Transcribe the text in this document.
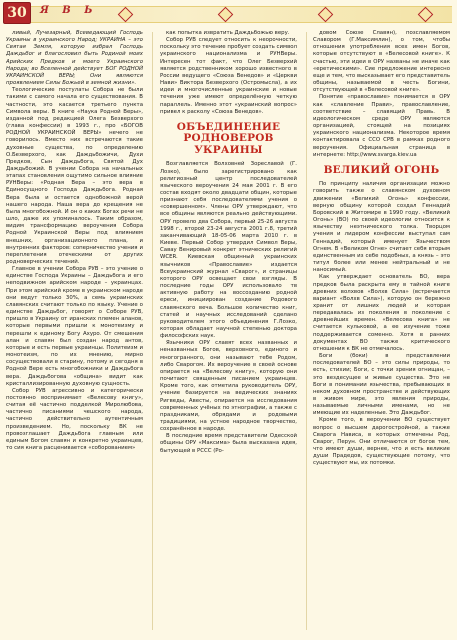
30	Я В Ь

ливый, Лучезарный, Всеведающий Господь Украины в украинского Народ; УКРАИНА – это Святая Земля, которую избрал Господь Даждьбог и благословил быть Родиной моих Арийских Предков и моего Украинского Народа; во Вселенной действует БОГ РОДНОЙ УКРАИНСКОЙ ВЕРЫ; Они являются проявлением Силы Божьей в земной жизни».

Теологические постулаты Собора не были такими с самого начала его существования. В частности, это касается третьего пункта Символа веры. В книге «Наука Родной Веры», изданной под редакцией Олега Безверхого (глава конфессии) в 1993 г., про «БОГОВ РОДНОЙ УКРАИНСКОЙ ВЕРЫ» нечего не говорилось. Вместо них встречаются такие духовные существа, по определению О.Безверхого, как Даждьбожичи, Духи Предков, Сын Даждьбога, Святой Дух Даждьбожий. В учении Собора на начальных этапах становления ощутимо сильное влияние РУНВеры: «Родная Вера – это вера в Единосущного Господа Даждьбога. Родная Вера была и остается однобожной верой нашего народа. Наша вера до крещения не была многобожной. И он о каких Богах речи не шло, даже их упоминалось. Таким образом, видим трансформацию вероучения Собора Родной Украинской Веры под влиянием внешних, организационного плана, и внутренних факторов: соперничество учения и переплетения отеческими от других родноверческих течений.

Главное в учении Собора РУВ – это учение о единстве Господа Украины – Даждьбога и его неподвижном арийском народе – украинцах. При этом арийский кроме в украинском народе они ведут только 30%, а семь украинских славянских считают только по языку. Учение о единстве Даждьбог, говорят о Соборе РУВ, пришло в Украину от иранских племен аланов, которые первыми пришли к монотеизму и перешли к единому Богу Ахуро. От смешения алан и славян был создан народ антов, которые и есть первые украинцы. Политеизм и монотеизм, по их мнению, мирно сосуществовали в старину, потому и сегодня в Родной Вере есть многобожники и Даждьбога вера. Даждьбогова «община» видит как кристаллизированную духовную сущность.

Собор РУВ агрессивно и категорически постоянно воспринимает «Велесову книгу», считая её частично подделкой Миролюбова, частично писаниями чешского народа, частично действительно аутентичным произведением. Но, поскольку ВК не провозглашает Даждьбога главным или единым Богом славян и конкретно украинцев, то сия книга расценивается «соборованием»

как попытка извратить Даждьбожью веру.

Собор РУВ следует относить к неорочности, поскольку это течение пробует создать символ украинского национализма и РУНВеры. Интересен тот факт, что Олег Безверхий является родственником хорошо известного в России ведущего «Союза Венедов» и «Церкви Нави» Виктора Безверхого (Остромысла), а их идеи и многочисленные украинские и новые течения уже имеют определённую четкую параллель. Именно этот «украинский вопрос» привел к расколу «Союза Венедов».

ОБЪЕДИНЕНИЕ РОДНОВЕРОВ УКРАИНЫ

Возглавляется Волховней Зореславой (Г. Лозко), было зарегистрировано как религиозный центр последователей языческого вероучения 24 мая 2001 г. В его состав входят около двадцати общин, которые признают себя последователями учения о «совершенном». Члены ОРУ утверждают, что все общины являются реально действующими. ОРУ провело два Собора, первый 25-26 августа 1998 г., второй 23-24 августа 2001 г.8, третий заканчивающий 18-05-06 марта 2010 г. в Киеве. Первый Собор утвердил Символ Веры, Савау Венировый конкрет этнических религий WCER. Киевская общинный украинских язычников «Православие» издается Всеукраинский журнал «Сварог», и страницы которого ОРУ освещает свои взгляды. В последние годы ОРУ использовало тв активную работу на воссозданию родной ереси, инициирован создание Родового славянского веча. Большое количество книг, статей и научных исследований сделано руководителем этого объединения Г.Лозко, которая обладает научной степенью доктора философских наук.

Язычники ОРУ славят всех названных и неназванных Богов, верховного, единого и многогранного, они называют тебе Родом, либо Сварогом. Их вероучение в своей основе опирается на «Велесову книгу», которую они почитают священным писанием украинцев. Кроме того, как отметила руководитель ОРУ, учение базируется на ведических знаниях Ригведы, Авесты, опирается на исследования современных учёных по этнографии, а также с праздниками, обрядами и родовыми традициями, на устное народное творчество, сохранённое в народе.

В последние время представители Одесской общины ОРУ «Максима» была высказана идея, бытующей в РССС (Ро-

довом Союзе Славян), позславляемом Славором (Г.Максимлин), о том, чтобы отношения употребления всех имен Богов, которые отсутствуют в «Велесовой книге». К счастью, эти идеи в ОРУ названы не иначе как «еретическими». Сие предложение интересно еще и тем, что высказывает его представитель общины, называемой в честь Богини, отсутствующей в «Велесовой книге».

Понятие «православие» понимается в ОРУ как «славление Прави», православление, соответствие – славящий Правь. В идеологическом среде ОРУ являются организацией, стоящей на позициях украинского национализма. Некоторое время контактировала с ССО СРВ в рамках родного вероучения. Официальная страница в интернете: http://www.svarga.kiev.ua

ВЕЛИКИЙ ОГОНЬ

По принципу наличия организации можно говорить также о славянском духовном движении «Великий Огонь» конфессии, верную общину которой создал Геннадий Боровский в Житомире в 1990 году. «Великий Огонь» (ВО) по своей идеологии относится к язычеству неэтнического толка. Творцом учения и лидером конфессии выступал сам Геннадий, который именует Язычеством Огнем. В «Великом Огне» считает себя вторым единственным из себе подобных, а князь – это титул более или менее нейтральный и не наносимый.

Как утверждает основатель ВО, вера предков была раскрыта ему в тайной книге древних волхвов «Волхв Сила» (встречается вариант «Волхв Сила»), которую он бережно хранит от лишних людей и которая передавалась из поколения в поколение с древнейших времен. «Велесова книга» не считается кульковой, а ее изучение тоже поддерживается соменно. Хотя в ранних документах ВО также критического отношения к ВК не отмечалось.

Боги (боки) в представлении последователей ВО – это силы природы, то есть, стихии; Боги, с точки зрения огнищан, – это вездесущее и живые существа. Это не Боги в понимании язычества, пребывающих в неком духовном пространстве и действующих в живом мире, это явления природы, называемые личными именами, но не имеющие их наделенные. Это Даждьбог.

Кроме того, в вероучении ВО существует вопрос о высшем дарогостройной, а также Сварога Нависа, в которых отмечены Род, Сварог, Перун. Они отличаются от богов тем, что имеют души, вернее, что и есть великие души Прадедов, существующие потому, что существуют мы, их потомки.
